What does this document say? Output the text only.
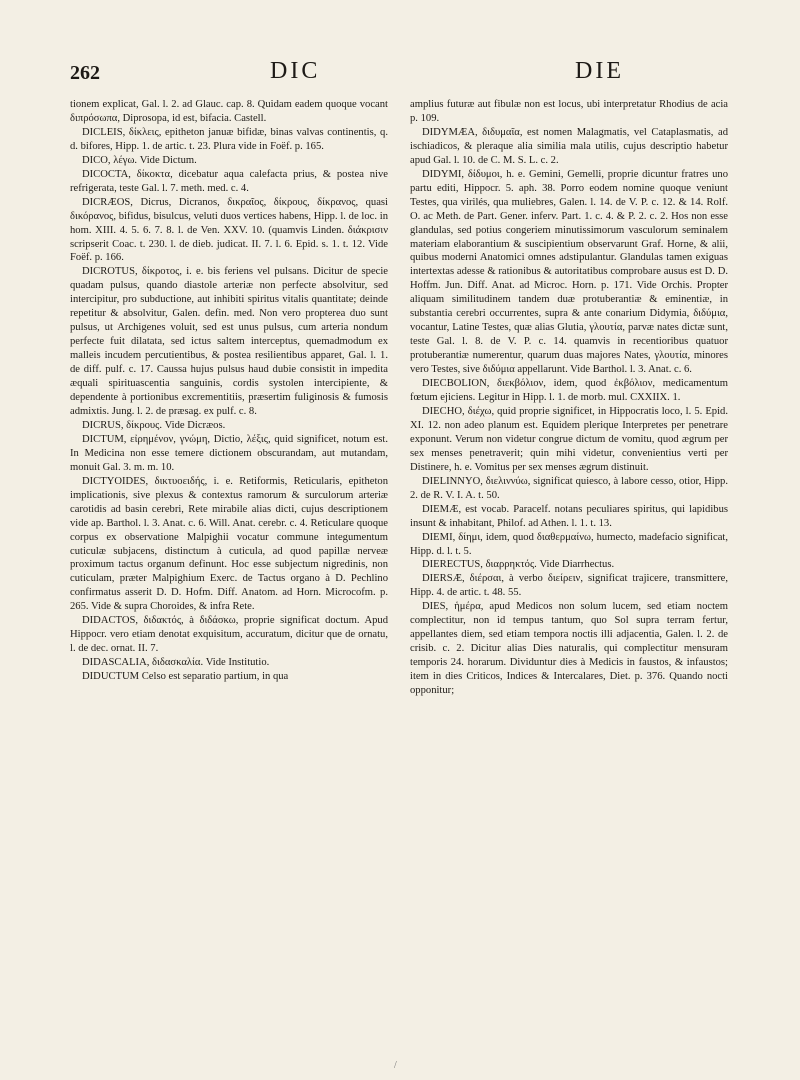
262	DIC	DIE

tionem explicat, Gal. l. 2. ad Glauc. cap. 8. Quidam eadem quoque vocant διπρόσωπα, Diprosopa, id est, bifacia. Castell.

DICLEIS, δίκλεις, epitheton januæ bifidæ, binas valvas continentis, q. d. bifores, Hipp. 1. de artic. t. 23. Plura vide in Foëf. p. 165.

DICO, λέγω. Vide Dictum.

DICOCTA, δίκοκτα, dicebatur aqua calefacta prius, & postea nive refrigerata, teste Gal. l. 7. meth. med. c. 4.

DICRÆOS, Dicrus, Dicranos, δικραῖος, δίκρους, δίκρανος, quasi δικόρανος, bifidus, bisulcus, veluti duos vertices habens, Hipp. l. de loc. in hom. XIII. 4. 5. 6. 7. 8. l. de Ven. XXV. 10. (quamvis Linden. διάκρισιν scripserit Coac. t. 230. l. de dieb. judicat. II. 7. l. 6. Epid. s. 1. t. 12. Vide Foëf. p. 166.

DICROTUS, δίκροτος, i. e. bis feriens vel pulsans. Dicitur de specie quadam pulsus, quando diastole arteriæ non perfecte absolvitur, sed intercipitur, pro subductione, aut inhibiti spiritus vitalis quantitate; deinde repetitur & absolvitur, Galen. defin. med. Non vero propterea duo sunt pulsus, ut Archigenes voluit, sed est unus pulsus, cum arteria nondum perfecte fuit dilatata, sed ictus saltem interceptus, quemadmodum ex malleis incudem percutientibus, & postea resilientibus apparet, Gal. l. 1. de diff. pulf. c. 17. Caussa hujus pulsus haud dubie consistit in impedita æquali spirituascentia sanguinis, cordis systolen intercipiente, & dependente à portionibus excrementitiis, præsertim fuliginosis & fumosis admixtis. Jung. l. 2. de præsag. ex pulf. c. 8.

DICRUS, δίκρους. Vide Dicræos.

DICTUM, εἰρημένον, γνώμη, Dictio, λέξις, quid significet, notum est. In Medicina non esse temere dictionem obscurandam, aut mutandam, monuit Gal. 3. m. m. 10.

DICTYOIDES, δικτυοειδής, i. e. Retiformis, Reticularis, epitheton implicationis, sive plexus & contextus ramorum & surculorum arteriæ carotidis ad basin cerebri, Rete mirabile alias dicti, cujus descriptionem vide ap. Barthol. l. 3. Anat. c. 6. Will. Anat. cerebr. c. 4. Reticulare quoque corpus ex observatione Malpighii vocatur commune integumentum cuticulæ subjacens, distinctum à cuticula, ad quod papillæ nerveæ proximum tactus organum definunt. Hoc esse subjectum nigredinis, non cuticulam, præter Malpighium Exerc. de Tactus organo à D. Pechlino confirmatus asserit D. D. Hofm. Diff. Anatom. ad Horn. Microcofm. p. 265. Vide & supra Choroides, & infra Rete.

DIDACTOS, διδακτός, à διδάσκω, proprie significat doctum. Apud Hippocr. vero etiam denotat exquisitum, accuratum, dicitur que de ornatu, l. de dec. ornat. II. 7.

DIDASCALIA, διδασκαλία. Vide Institutio.

DIDUCTUM Celso est separatio partium, in qua

amplius futuræ aut fibulæ non est locus, ubi interpretatur Rhodius de acia p. 109.

DIDYMÆA, διδυμαῖα, est nomen Malagmatis, vel Cataplasmatis, ad ischiadicos, & pleraque alia similia mala utilis, cujus descriptio habetur apud Gal. l. 10. de C. M. S. L. c. 2.

DIDYMI, δίδυμοι, h. e. Gemini, Gemelli, proprie dicuntur fratres uno partu editi, Hippocr. 5. aph. 38. Porro eodem nomine quoque veniunt Testes, qua virilés, qua muliebres, Galen. l. 14. de V. P. c. 12. & 14. Rolf. O. ac Meth. de Part. Gener. inferv. Part. 1. c. 4. & P. 2. c. 2. Hos non esse glandulas, sed potius congeriem minutissimorum vasculorum seminalem materiam elaborantium & suscipientium observarunt Graf. Horne, & alii, quibus moderni Anatomici omnes adstipulantur. Glandulas tamen exiguas intertextas adesse & rationibus & autoritatibus comprobare ausus est D. D. Hoffm. Jun. Diff. Anat. ad Microc. Horn. p. 171. Vide Orchis. Propter aliquam similitudinem tandem duæ protuberantiæ & eminentiæ, in substantia cerebri occurrentes, supra & ante conarium Didymia, διδύμια, vocantur, Latine Testes, quæ alias Glutia, γλουτία, parvæ nates dictæ sunt, teste Gal. l. 8. de V. P. c. 14. quamvis in recentioribus quatuor protuberantiæ numerentur, quarum duas majores Nates, γλουτία, minores vero Testes, sive διδύμια appellarunt. Vide Barthol. l. 3. Anat. c. 6.

DIECBOLION, διεκβόλιον, idem, quod ἐκβόλιον, medicamentum fœtum ejiciens. Legitur in Hipp. l. 1. de morb. mul. CXXIIX. 1.

DIECHO, διέχω, quid proprie significet, in Hippocratis loco, l. 5. Epid. XI. 12. non adeo planum est. Equidem plerique Interpretes per penetrare exponunt. Verum non videtur congrue dictum de vomitu, quod ægrum per sex menses penetraverit; quin mihi videtur, convenientius verti per Distinere, h. e. Vomitus per sex menses ægrum distinuit.

DIELINNYO, διελιννύω, significat quiesco, à labore cesso, otior, Hipp. 2. de R. V. I. A. t. 50.

DIEMÆ, est vocab. Paracelf. notans peculiares spiritus, qui lapidibus insunt & inhabitant, Philof. ad Athen. l. 1. t. 13.

DIEMI, δίημι, idem, quod διαθερμαίνω, humecto, madefacio significat, Hipp. d. l. t. 5.

DIERECTUS, διαρρηκτός. Vide Diarrhectus.

DIERSÆ, διέρσαι, à verbo διείρειν, significat trajicere, transmittere, Hipp. 4. de artic. t. 48. 55.

DIES, ἡμέρα, apud Medicos non solum lucem, sed etiam noctem complectitur, non id tempus tantum, quo Sol supra terram fertur, appellantes diem, sed etiam tempora noctis illi adjacentia, Galen. l. 2. de crisib. c. 2. Dicitur alias Dies naturalis, qui complectitur mensuram temporis 24. horarum. Dividuntur dies à Medicis in faustos, & infaustos; item in dies Criticos, Indices & Intercalares, Diet. p. 376. Quando nocti opponitur;

/
